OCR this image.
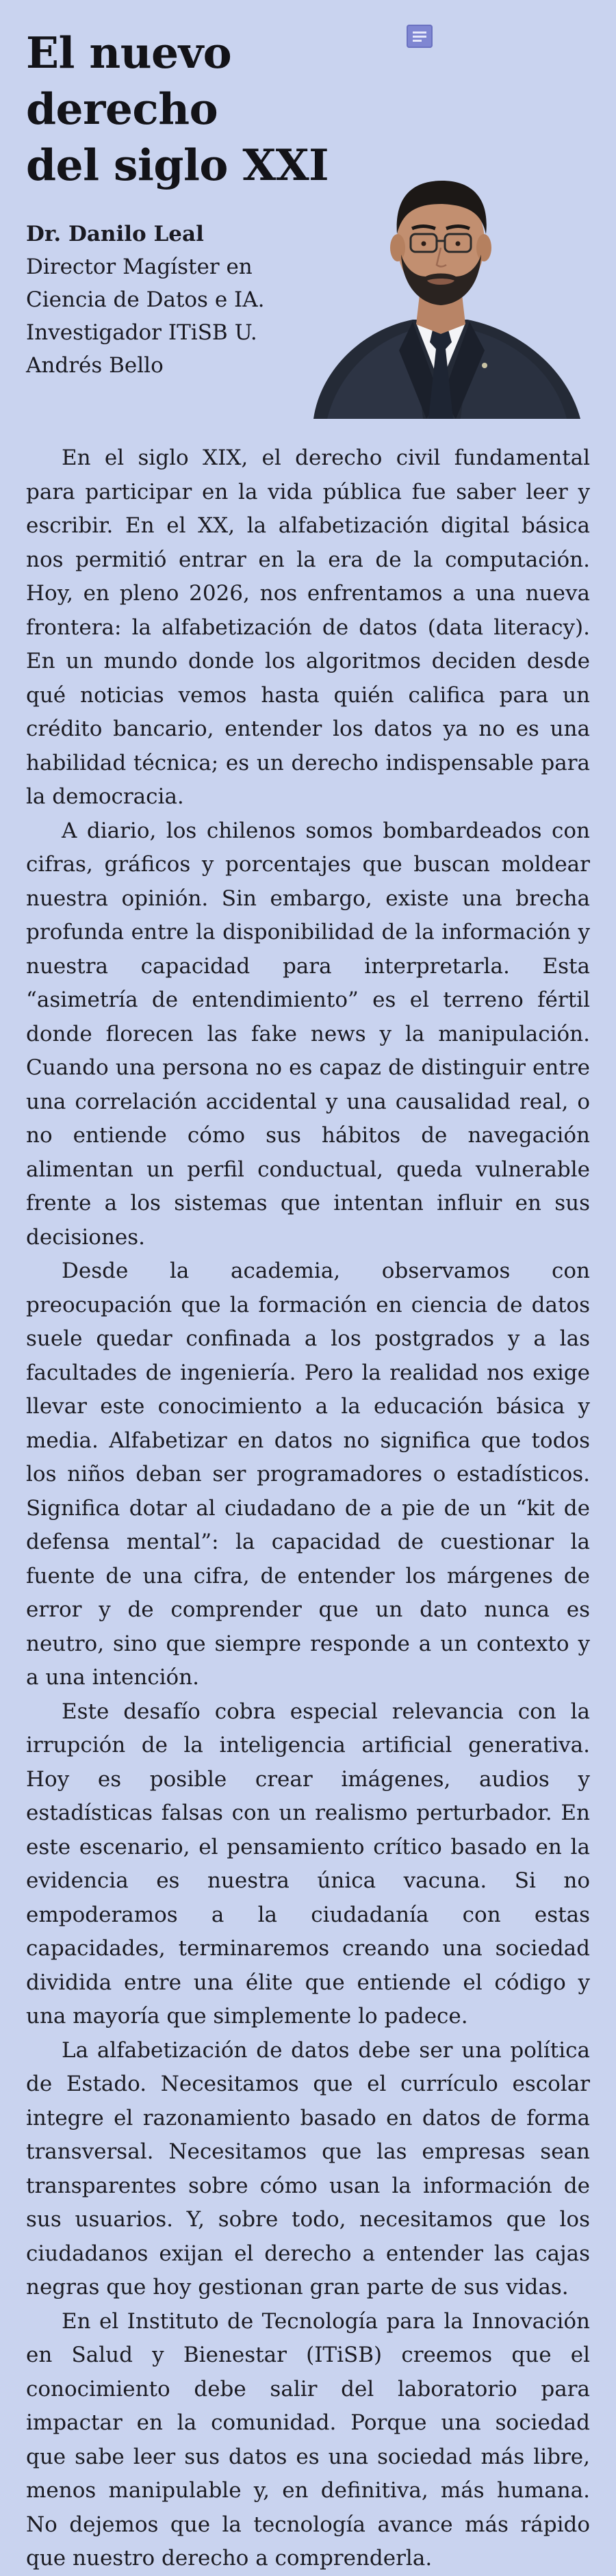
El nuevo derecho
del siglo XXI
Dr. Danilo Leal
Director Magíster en
Ciencia de Datos e IA.
Investigador ITiSB U.
Andrés Bello

En el siglo XIX, el derecho civil fundamental para participar en la vida pública fue saber leer y escribir. En el XX, la alfabetización digital básica nos permitió entrar en la era de la computación. Hoy, en pleno 2026, nos enfrentamos a una nueva frontera: la alfabetización de datos (data literacy). En un mundo donde los algoritmos deciden desde qué noticias vemos hasta quién califica para un crédito bancario, entender los datos ya no es una habilidad técnica; es un derecho indispensable para la democracia.

A diario, los chilenos somos bombardeados con cifras, gráficos y porcentajes que buscan moldear nuestra opinión. Sin embargo, existe una brecha profunda entre la disponibilidad de la información y nuestra capacidad para interpretarla. Esta “asimetría de entendimiento” es el terreno fértil donde florecen las fake news y la manipulación. Cuando una persona no es capaz de distinguir entre una correlación accidental y una causalidad real, o no entiende cómo sus hábitos de navegación alimentan un perfil conductual, queda vulnerable frente a los sistemas que intentan influir en sus decisiones.

Desde la academia, observamos con preocupación que la formación en ciencia de datos suele quedar confinada a los postgrados y a las facultades de ingeniería. Pero la realidad nos exige llevar este conocimiento a la educación básica y media. Alfabetizar en datos no significa que todos los niños deban ser programadores o estadísticos. Significa dotar al ciudadano de a pie de un “kit de defensa mental”: la capacidad de cuestionar la fuente de una cifra, de entender los márgenes de error y de comprender que un dato nunca es neutro, sino que siempre responde a un contexto y a una intención.

Este desafío cobra especial relevancia con la irrupción de la inteligencia artificial generativa. Hoy es posible crear imágenes, audios y estadísticas falsas con un realismo perturbador. En este escenario, el pensamiento crítico basado en la evidencia es nuestra única vacuna. Si no empoderamos a la ciudadanía con estas capacidades, terminaremos creando una sociedad dividida entre una élite que entiende el código y una mayoría que simplemente lo padece.

La alfabetización de datos debe ser una política de Estado. Necesitamos que el currículo escolar integre el razonamiento basado en datos de forma transversal. Necesitamos que las empresas sean transparentes sobre cómo usan la información de sus usuarios. Y, sobre todo, necesitamos que los ciudadanos exijan el derecho a entender las cajas negras que hoy gestionan gran parte de sus vidas.

En el Instituto de Tecnología para la Innovación en Salud y Bienestar (ITiSB) creemos que el conocimiento debe salir del laboratorio para impactar en la comunidad. Porque una sociedad que sabe leer sus datos es una sociedad más libre, menos manipulable y, en definitiva, más humana. No dejemos que la tecnología avance más rápido que nuestro derecho a comprenderla.
